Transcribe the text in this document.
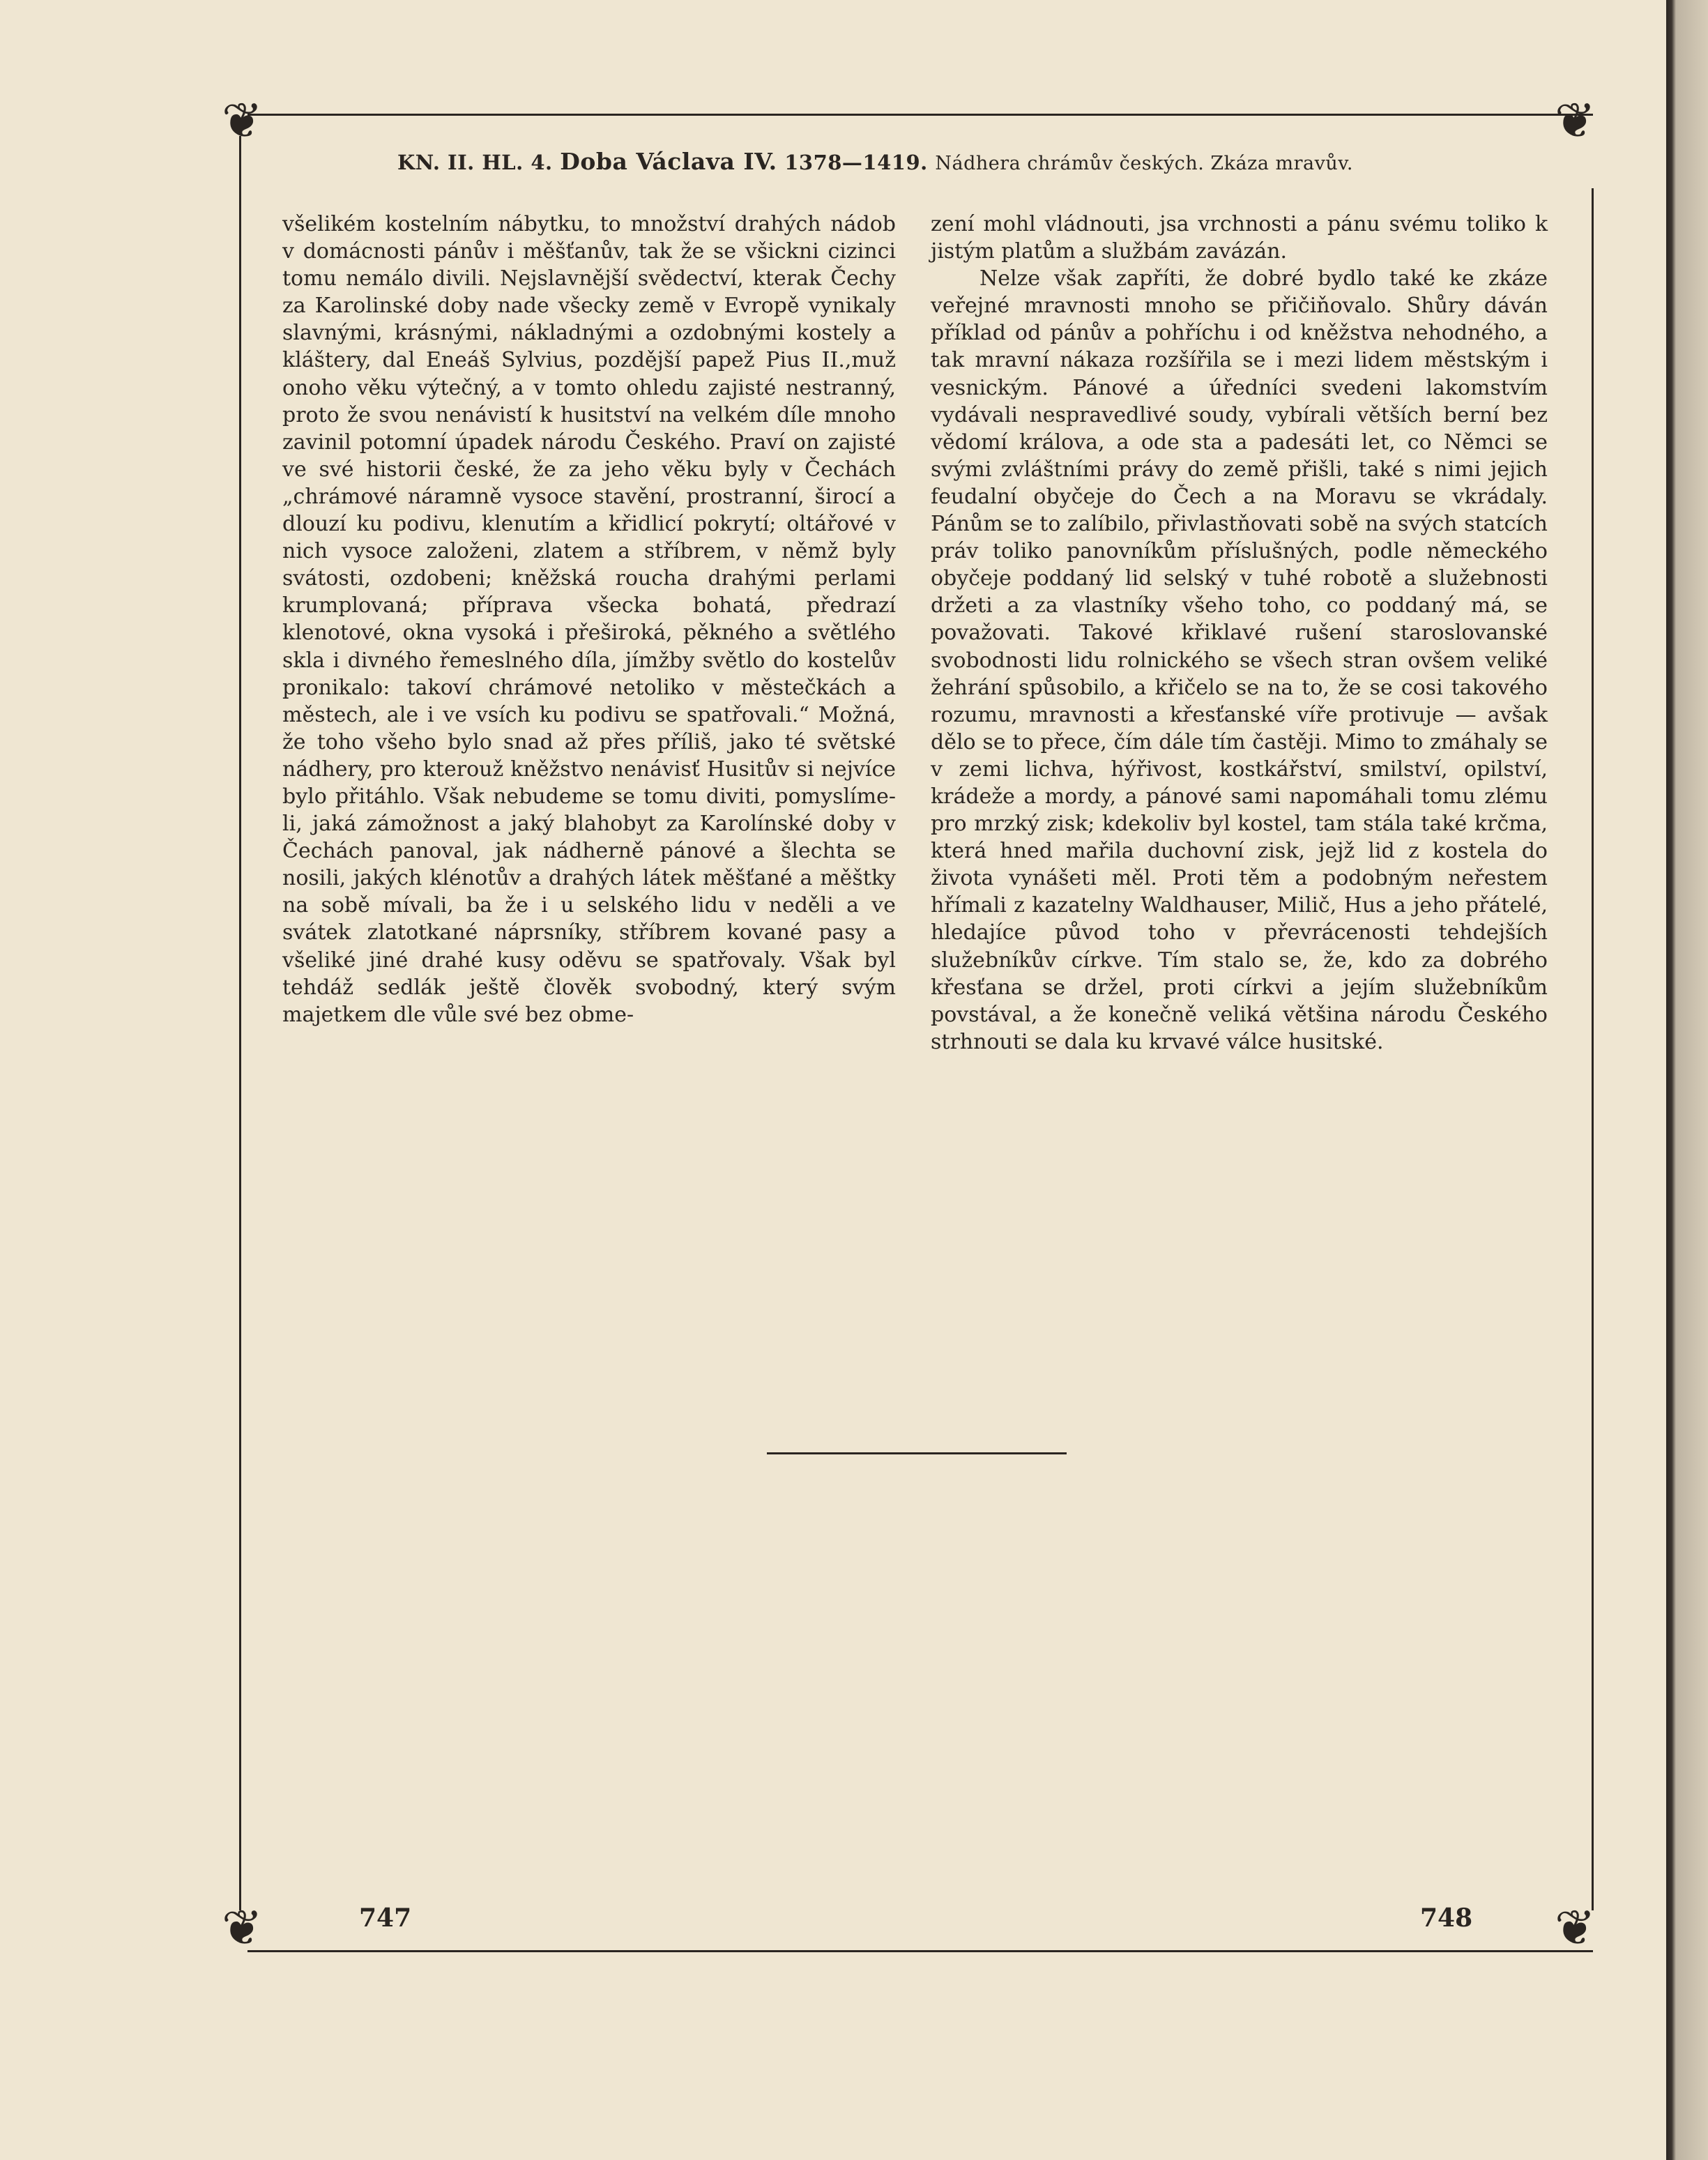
❦	❦
❦	❦
KN. II. HL. 4. Doba Václava IV. 1378—1419. Nádhera chrámův českých. Zkáza mravův.

všelikém kostelním nábytku, to množství drahých nádob v domácnosti pánův i měšťanův, tak že se všickni cizinci tomu nemálo divili. Nejslavnější svědectví, kterak Čechy za Karolinské doby nade všecky země v Evropě vynikaly slavnými, krásnými, nákladnými a ozdobnými kostely a kláštery, dal Eneáš Sylvius, pozdější papež Pius II.,muž onoho věku výtečný, a v tomto ohledu zajisté nestranný, proto že svou nenávistí k husitství na velkém díle mnoho zavinil potomní úpadek národu Českého. Praví on zajisté ve své historii české, že za jeho věku byly v Čechách „chrámové náramně vysoce stavění, prostranní, širocí a dlouzí ku podivu, klenutím a křidlicí pokrytí; oltářové v nich vysoce založeni, zlatem a stříbrem, v němž byly svátosti, ozdobeni; kněžská roucha drahými perlami krumplovaná; příprava všecka bohatá, předrazí klenotové, okna vysoká i přeširoká, pěkného a světlého skla i divného řemeslného díla, jímžby světlo do kostelův pronikalo: takoví chrámové netoliko v městečkách a městech, ale i ve vsích ku podivu se spatřovali.“ Možná, že toho všeho bylo snad až přes příliš, jako té světské nádhery, pro kterouž kněžstvo nenávisť Husitův si nejvíce bylo přitáhlo. Však nebudeme se tomu diviti, pomyslíme-li, jaká zámožnost a jaký blahobyt za Karolínské doby v Čechách panoval, jak nádherně pánové a šlechta se nosili, jakých klénotův a drahých látek měšťané a měštky na sobě mívali, ba že i u selského lidu v neděli a ve svátek zlatotkané náprsníky, stříbrem kované pasy a všeliké jiné drahé kusy oděvu se spatřovaly. Však byl tehdáž sedlák ještě člověk svobodný, který svým majetkem dle vůle své bez obme-

zení mohl vládnouti, jsa vrchnosti a pánu svému toliko k jistým platům a službám zavázán.

Nelze však zapříti, že dobré bydlo také ke zkáze veřejné mravnosti mnoho se přičiňovalo. Shůry dáván příklad od pánův a pohříchu i od kněžstva nehodného, a tak mravní nákaza rozšířila se i mezi lidem městským i vesnickým. Pánové a úředníci svedeni lakomstvím vydávali nespravedlivé soudy, vybírali větších berní bez vědomí králova, a ode sta a padesáti let, co Němci se svými zvláštními právy do země přišli, také s nimi jejich feudalní obyčeje do Čech a na Moravu se vkrádaly. Pánům se to zalíbilo, přivlastňovati sobě na svých statcích práv toliko panovníkům příslušných, podle německého obyčeje poddaný lid selský v tuhé robotě a služebnosti držeti a za vlastníky všeho toho, co poddaný má, se považovati. Takové křiklavé rušení staroslovanské svobodnosti lidu rolnického se všech stran ovšem veliké žehrání spůsobilo, a křičelo se na to, že se cosi takového rozumu, mravnosti a křesťanské víře protivuje — avšak dělo se to přece, čím dále tím častěji. Mimo to zmáhaly se v zemi lichva, hýřivost, kostkářství, smilství, opilství, krádeže a mordy, a pánové sami napomáhali tomu zlému pro mrzký zisk; kdekoliv byl kostel, tam stála také krčma, která hned mařila duchovní zisk, jejž lid z kostela do života vynášeti měl. Proti těm a podobným neřestem hřímali z kazatelny Waldhauser, Milič, Hus a jeho přátelé, hledajíce původ toho v převrácenosti tehdejších služebníkův církve. Tím stalo se, že, kdo za dobrého křesťana se držel, proti církvi a jejím služebníkům povstával, a že konečně veliká většina národu Českého strhnouti se dala ku krvavé válce husitské.

747	748
